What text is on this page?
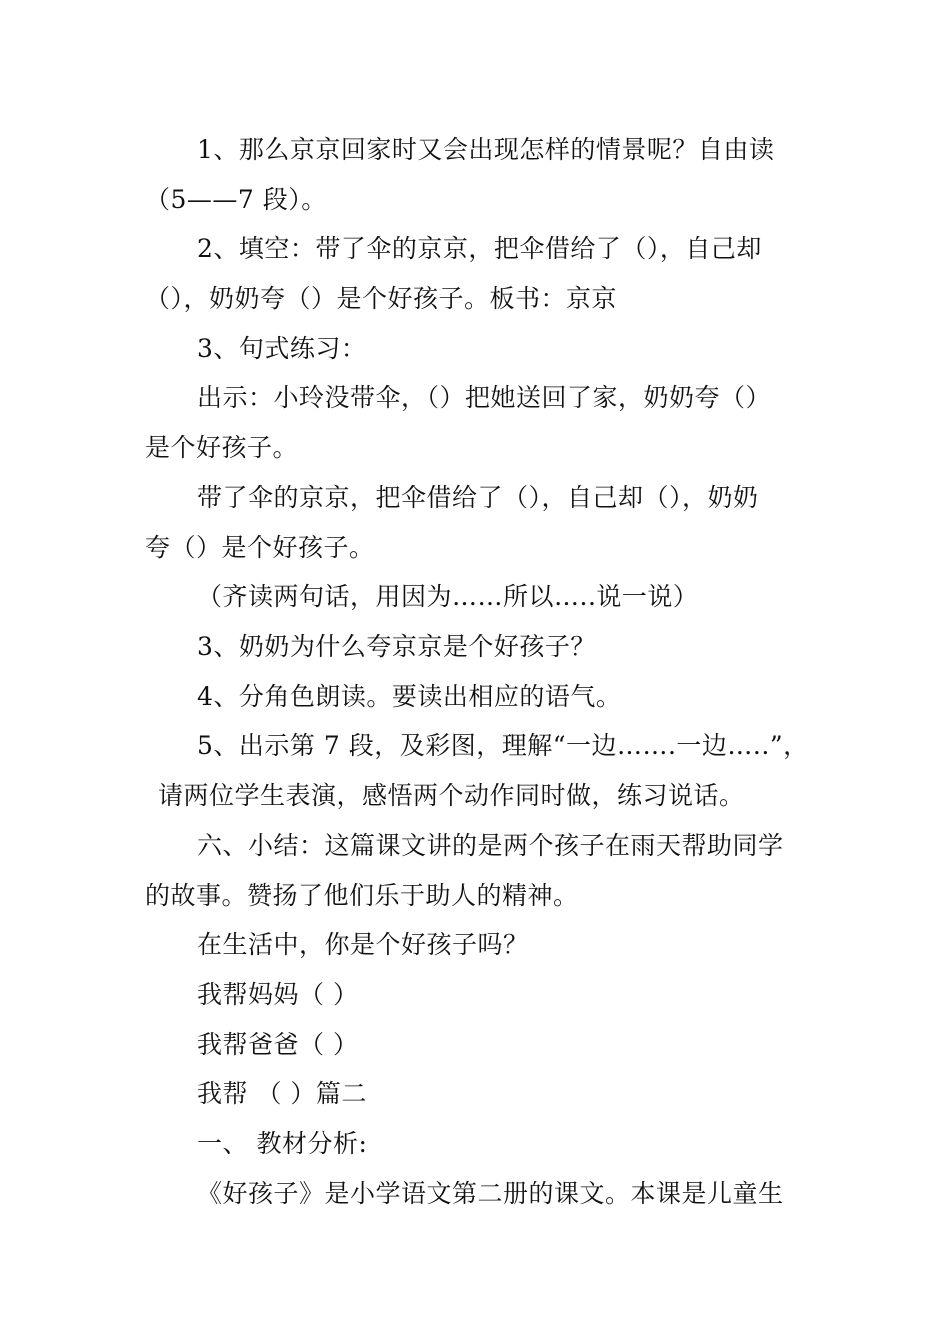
1、那么京京回家时又会出现怎样的情景呢？自由读
（5——7 段）。
2、填空：带了伞的京京，把伞借给了（），自己却
（），奶奶夸（）是个好孩子。板书：京京
3、句式练习：
出示：小玲没带伞，（）把她送回了家，奶奶夸（）
是个好孩子。
带了伞的京京，把伞借给了（），自己却（），奶奶
夸（）是个好孩子。
（齐读两句话，用因为……所以…..说一说）
3、奶奶为什么夸京京是个好孩子？
4、分角色朗读。要读出相应的语气。
5、出示第 7 段，及彩图，理解“一边…….一边…..”，
请两位学生表演，感悟两个动作同时做，练习说话。
六、小结：这篇课文讲的是两个孩子在雨天帮助同学
的故事。赞扬了他们乐于助人的精神。
在生活中，你是个好孩子吗？
我帮妈妈（ ）
我帮爸爸（ ）
我帮 （ ）篇二
一、 教材分析:
《好孩子》是小学语文第二册的课文。本课是儿童生
